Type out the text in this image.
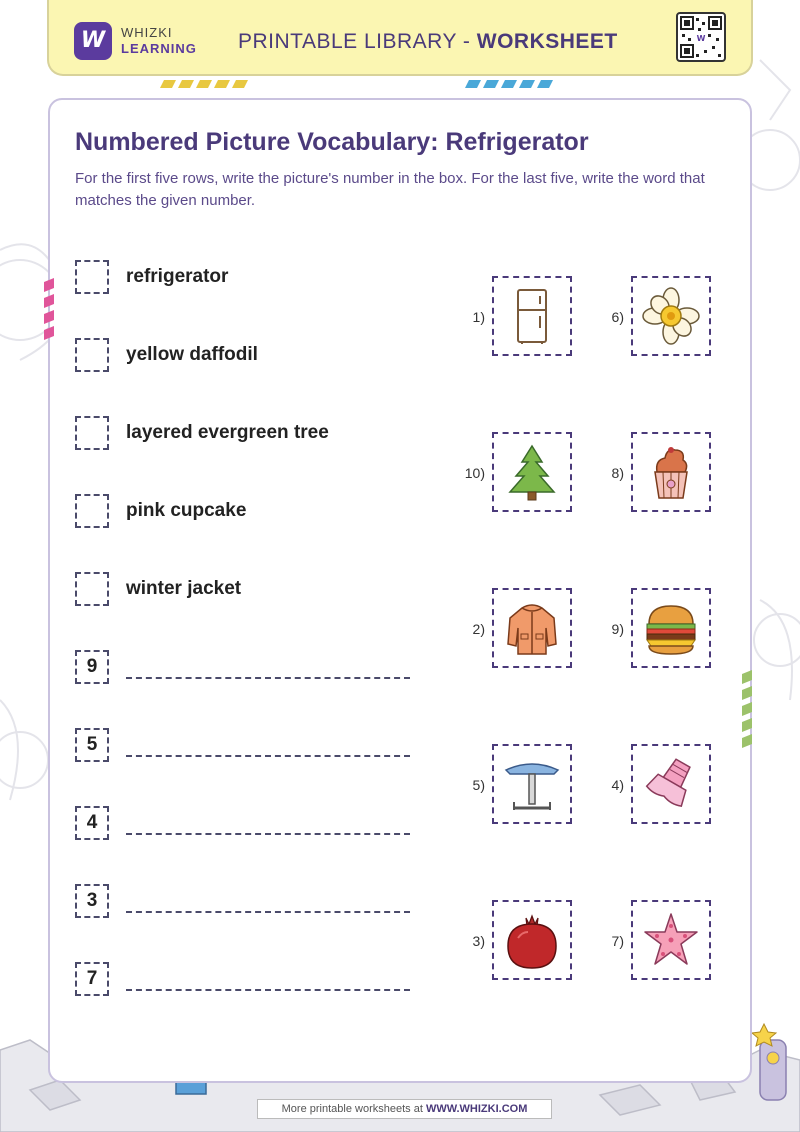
W	WHIZKI
LEARNING PRINTABLE LIBRARY - WORKSHEET	W
Numbered Picture Vocabulary: Refrigerator
For the first five rows, write the picture's number in the box. For the last five, write the word that matches the given number.
refrigerator
yellow daffodil
layered evergreen tree
pink cupcake
winter jacket
9
5
4
3
7
1)	6)
10)	8)
2)	9)
5)	4)
3)	7)
More printable worksheets at WWW.WHIZKI.COM
